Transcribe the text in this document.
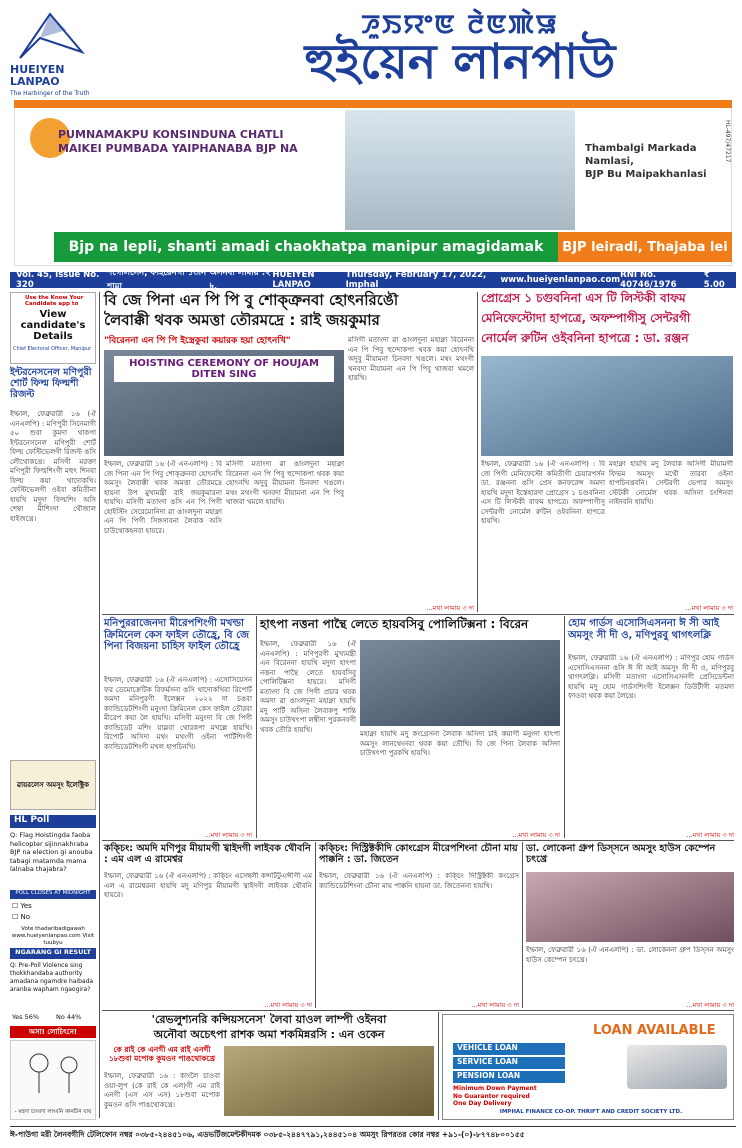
HUEIYEN LANPAO
The Harbinger of the Truth
ꯍꯨꯏꯌꯦꯟ ꯂꯥꯟꯄꯥꯎ
হুইয়েন লানপাউ
PUMNAMAKPU KONSINDUNA CHATLI
MAIKEI PUMBADA YAIPHANABA BJP NA	Thambalgi Markada Namlasi,
BJP Bu Maipakhanlasi
HL-497/47217
Bjp na lepli, shanti amadi chaokhatpa manipur amagidamak	BJP leiradi, Thajaba lei
Vol. 45, Issue No. 320
শগোলসেন, ফাইরেনগী ১৩নি শামা
অসনবা লামায় :২ ৳.
HUEIYEN LANPAO
Thursday, February 17, 2022, Imphal	www.hueiyenlanpao.com RNI No. 40746/1976
₹ 5.00
Use the Know Your Candidate app to
View candidate's Details
Chief Electoral Officer, Manipur
ইন্টরনেসনেল মণিপুরী শোর্ট ফিল্ম ফিল্মশী রিজল্ট
ইম্ফাল, ফেব্রুৱারী ১৬ (ঐ এনএলপি) : মণিপুরী সিনেমাগী ৫০ শুবা কুমদা থাকপা ইন্টরনেসনেল মণিপুরী শোর্ট ফিল্ম ফেস্টিভেলগী রিজল্ট ঙসি লৌথোকখ্রে। মসিগী মরক্তা মণিপুরী ফিল্মশিংগী মহুৎ শিনবা ফিল্ম কয়া থাদোকখি। ফেস্টিভেলগী ওইবা কমিতীনা হায়খি মদুদা ফিল্মশিং অসি শেম্বা মীশিংদা থৌজাল হাইজখ্রে।
ৱায়রলেস অমসুং ইলেক্ট্রিক
HL Poll
Q: Flag Hoistingda faoba helicopter sijinnakhraba BJP na election gi anouba tabagi matamda mama lalnaba thajabra?
POLL CLOSES AT MIDNIGHT
☐ Yes
☐ No
Vote thadaribadigawah www.hueiyenlanpao.com Visit tuubyu
NGARANG GI RESULT
Q: Pre-Poll Violence sing thokkhandaba authority amadana ngamdre haibada aranba wapham ngaogira?
Yes 56%	No 44%
অসা! লোচিৎনে!
- মহুদা চাংবদা লাংবনি কানচীন যায়
বি জে পিনা এন পি পি বু শোক্ত্রুনবা হোৎনরিঙৌ
লৈবাক্কী থবক অমত্তা তৌরমদ্রে : রাই জয়কুমার
"বিরেননা এন পি পি ইস্ত্রেকুবা কয়ারক হয়া হোৎনখি"
HOISTING CEREMONY OF HOUJAM DITEN SING
ইম্ফাল, ফেব্রুৱারী ১৬ (ঐ এনএলপি) : বি জে পিনা এন পি পিবু শোক্ত্রুনবা হোৎনখি অমসুং লৈবাক্কী থবক অমত্তা তৌরমদ্রে হায়না উপ মুখ্যমন্ত্রী রাই জয়কুমারনা হায়খি। মসিগী মতাংদা ঙসি এন পি পিগী হোইস্টিং সেরেমোনিদা ৱা ঙাংলদুনা মহাক্না এন পি পিগী সিঙ্গসাবনা লৈবাক অসি চাউথোকহনবা হায়রে।
মসিগী মতাংদা ৱা ঙাংলদুনা মহাক্না বিরেননা এন পি পিবু হুন্দোকপা থবক কয়া হোৎনখি অদুবু মীয়ামনা চিনবদা খঙলে। মথং মথংগী খনবদা মীয়ামনা এন পি পিবু থাজবা থমলে হায়খি।
মসিগী মতাংদা ৱা ঙাংলদুনা মহাক্না বিরেননা এন পি পিবু হুন্দোকপা থবক কয়া হোৎনখি অদুবু মীয়ামনা চিনবদা খঙলে। মথং মথংগী খনবদা মীয়ামনা এন পি পিবু থাজবা থমলে হায়খি।
...মখা লামায় ৩ দা
প্রোগ্রেস ১ চগুবনিনা এস টি লিস্টকী বাফম
মেনিফেস্টোদা হাপত্রে, অফম্পাগীসু সেন্টরগী
নোর্মেল রুটিন ওইবনিনা হাপত্রে : ডা. রঞ্জন
ইম্ফাল, ফেব্রুৱারী ১৬ (ঐ এনএলপি) : বি জে পিগী মেনিফেস্টো কমিতীগী চেয়ারপর্সন ডা. রঞ্জননা ঙসি প্রেস কনফরেন্স অমদা হায়খি মদুদা ইস্তেহারদা প্রোগ্রেস ১ চগুবনিনা এস টি লিস্টকী বাফম হাপত্রে। অফম্পাগীসু সেন্টরগী নোর্মেল রুটিন ওইবনিনা হাপত্রে হায়খি।
মহাক্না হায়খি মদু লৈবাক অসিগী মীয়ামগী ফিভম অমসুং মথৌ তারবা ওইনা হাপচিনখ্রবনি। সেন্টরগী ভেপার অমসুং স্টেটকী নোর্মেল থবক অসিনা চংশিনবা নাইদবনি হায়খি।
...মখা লামায় ৩ দা
মনিপুররাজেনদা মীরেপশিংগী মখল্ডা ক্রিমিনেল কেস ফাইল তৌহ্রে, বি জে পিনা বিজয়না চাহিস ফাইল তৌহ্রে
ইম্ফাল, ফেব্রুৱারী ১৬ (ঐ এনএলপি) : এসোসিয়েসন ফর ডেমোক্রেটিক রিফর্মসনা ঙসি থাদোকখিবা রিপোর্ট অমদা মনিপুরগী ইলেক্সন ২০২২ দা চঙবা ক্যান্ডিডেটশিংগী মনুংদা ক্রিমিনেল কেস ফাইল তৌরবা মীরেপ কয়া লৈ হায়খি। মসিগী মনুংদা বি জে পিগী ক্যান্ডিডেট মশিং য়াম্লবা থোরকপা মখল্লে হায়খি। রিপোর্ট অসিদা মথং মথংগী ওইনা পার্টিশিংগী ক্যান্ডিডেটশিংগী মখল হাপচিনখি।
...মখা লামায় ৩ দা
হাৎপা নত্তনা পান্থৈ লেতে হায়বসিবু পোলিটিক্সনা : বিরেন
ইম্ফাল, ফেব্রুৱারী ১৬ (ঐ এনএলপি) : মণিপুরগী মুখ্যমন্ত্রী এন বিরেননা হায়খি মদুদা হাৎপা নত্তনা পান্থৈ লেতে হায়বসিবু পোলিটিক্সনা হায়রে। মসিগী মতাংদা বি জে পিগী প্রচার থবক অমদা ৱা ঙাংলদুনা মহাক্না হায়খি মদু পার্টি অসিনা লৈবাকপু শান্তি অমসুং চাউখৎপা লম্বীদা পুরকনবগী থবক তৌরি হায়খি।
মহাক্না হায়খি মদু কংগ্রেসনা লৈবাক অসিদা চহি কয়াগী মনুংদা হাৎপা অমসুং লানথেংনবা থবক কয়া তৌখি। বি জে পিনা লৈবাক অসিদা চাউখৎপা পুরকখি হায়খি।
...মখা লামায় ৩ দা
হোম গার্ডস এসোসিএসননা ঈ সী আই অমসুং সী দী ও, মণিপুরবু থাগৎলক্লি
ইম্ফাল, ফেব্রুৱারী ১৬ (ঐ এনএলপি) : মণিপুর হোম গার্ডস এসোসিএসননা ঙসি ঈ সী আই অমসুং সী দী ও, মণিপুরবু থাগৎলক্লি। মসিগী মতাংদা এসোসিএসনগী প্রেসিডেন্টনা হায়খি মদু হোম গার্ডসশিংগী ইলেক্সন ডিউটীগী মতমদা ফাওবা থবক কয়া লৈখ্রে।
...মখা লামায় ৩ দা
কক্চিং: অমদি মণিপুর মীয়ামগী খ্বাইদগী লাইবক থৌবনি : এম এল এ রামেশ্বর
ইম্ফাল, ফেব্রুৱারী ১৬ (ঐ এনএলপি) : কক্চিং এসেম্বলী কন্সটিটুএন্সীগী এম এল এ রামেশ্বরনা হায়খি মদু মণিপুর মীয়ামগী খ্বাইদগী লাইবক থৌবনি হায়রে।
...মখা লামায় ৩ দা
কক্চিং: দিস্ট্রিক্টকীদি কোংগ্রেস মীরেপশিংনা চৌনা মায় পাক্কনি : ডা. জিতেন
ইম্ফাল, ফেব্রুৱারী ১৬ (ঐ এনএলপি) : কক্চিং দিস্ট্রিক্টকী কংগ্রেস ক্যান্ডিডেটশিংনা চৌনা মায় পাক্কনি হায়না ডা. জিতেননা হায়খি।
...মখা লামায় ৩ দা
ডা. লোকেনা গ্রুপ ডিস্সনে অমসুং হাউস কেম্পেন চৎখ্রে
ইম্ফাল, ফেব্রুৱারী ১৬ (ঐ এনএলপি) : ডা. লোকেননা গ্রুপ ডিস্সন অমসুং হাউস কেম্পেন চৎখ্রে।
...মখা লামায় ৩ দা
'রেভলুশ্যনরি কন্সিয়সনেস' লৈবা য়াওল লাম্পী ওইনবা
অনৌবা অচেৎপা রাশক অমা শকমিন্নরসি : এন ওকেন
কে রাই কে এনগী এম রাই এনগী ১৮শুবা মপোক কুমওন পাঙথোকখ্রে
ইম্ফাল, ফেব্রুৱারী ১৬ : কাংলৈ চাওবা ওয়া-লুপ (কে রাই কে এল)গী এম রাই এনগী (এস এস এস) ১৮শুবা মপোক কুমওন ঙসি পাঙথোকখ্রে।
LOAN AVAILABLE
VEHICLE LOAN
SERVICE LOAN
PENSION LOAN
Minimum Down Payment
No Guarantor required
One Day Delivery
IMPHAL FINANCE CO-OP. THRIFT AND CREDIT SOCIETY LTD.
ঈ-পাউগা মরী লৈনবগীদি টেলিফোন নম্বর ০৩৮৫-২৪৪৫১০৬, এডভর্টিজমেন্টকীদমক ০৩৮৫-২৪৪৭৭৯১,২৪৪৫১০৪ অমসুং রিপরতর কোর নম্বর +৯১-(০)-৮৭৭৪৮০০১৫৫
